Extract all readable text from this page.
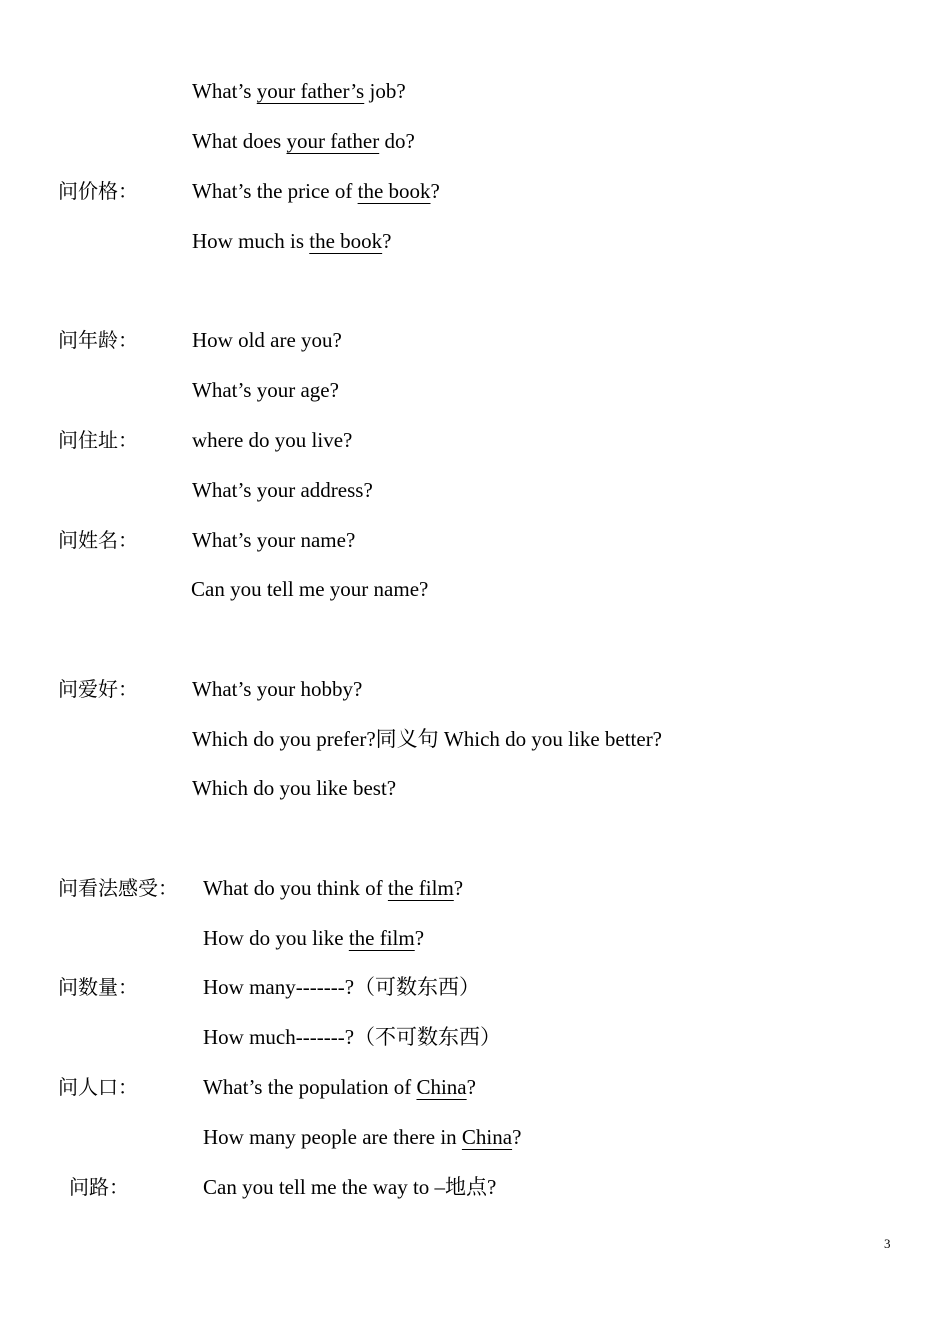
What’s your father’s job?
What does your father do?
问价格：	What’s the price of the book?
How much is the book?
问年龄：	How old are you?
What’s your age?
问住址：	where do you live?
What’s your address?
问姓名：	What’s your name?
Can you tell me your name?
问爱好：	What’s your hobby?
Which do you prefer?同义句 Which do you like better?
Which do you like best?
问看法感受： What do you think of the film?
How do you like the film?
问数量：	How many-------?（可数东西）
How much-------?（不可数东西）
问人口：	What’s the population of China?
How many people are there in China?
问路：	Can you tell me the way to –地点?
3
